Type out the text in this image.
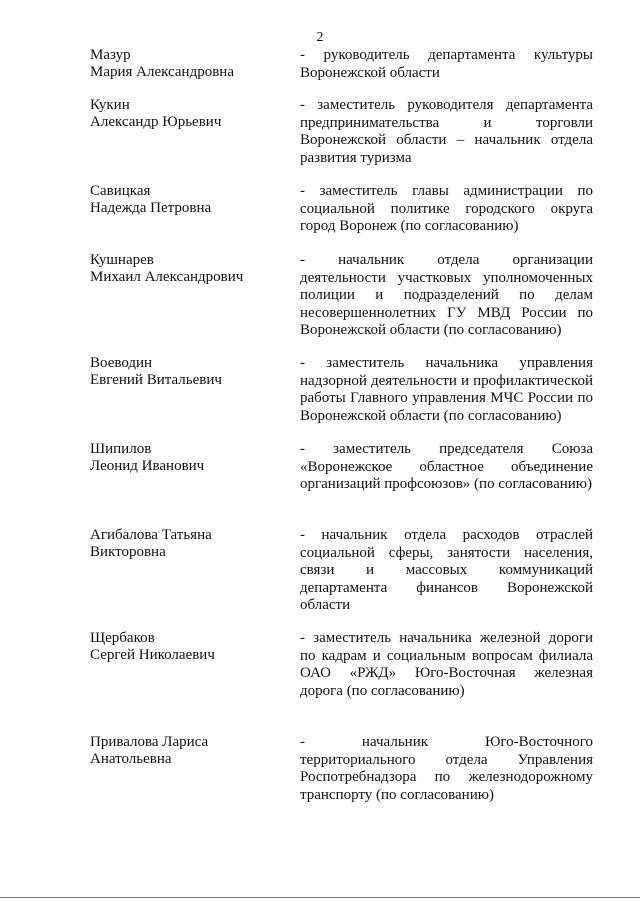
2
Мазур
Мария Александровна
- руководитель департамента культуры Воронежской области
Кукин
Александр Юрьевич
- заместитель руководителя департамента предпринимательства и торговли Воронежской области – начальник отдела развития туризма
Савицкая
Надежда Петровна
- заместитель главы администрации по социальной политике городского округа город Воронеж (по согласованию)
Кушнарев
Михаил Александрович
- начальник отдела организации деятельности участковых уполномоченных полиции и подразделений по делам несовершеннолетних ГУ МВД России по Воронежской области (по согласованию)
Воеводин
Евгений Витальевич
- заместитель начальника управления надзорной деятельности и профилактической работы Главного управления МЧС России по Воронежской области (по согласованию)
Шипилов
Леонид Иванович
- заместитель председателя Союза «Воронежское областное объединение организаций профсоюзов» (по согласованию)
Агибалова Татьяна
Викторовна
- начальник отдела расходов отраслей социальной сферы, занятости населения, связи и массовых коммуникаций департамента финансов Воронежской области
Щербаков
Сергей Николаевич
- заместитель начальника железной дороги по кадрам и социальным вопросам филиала ОАО «РЖД» Юго-Восточная железная дорога (по согласованию)
Привалова Лариса
Анатольевна
- начальник Юго-Восточного территориального отдела Управления Роспотребнадзора по железнодорожному транспорту (по согласованию)
